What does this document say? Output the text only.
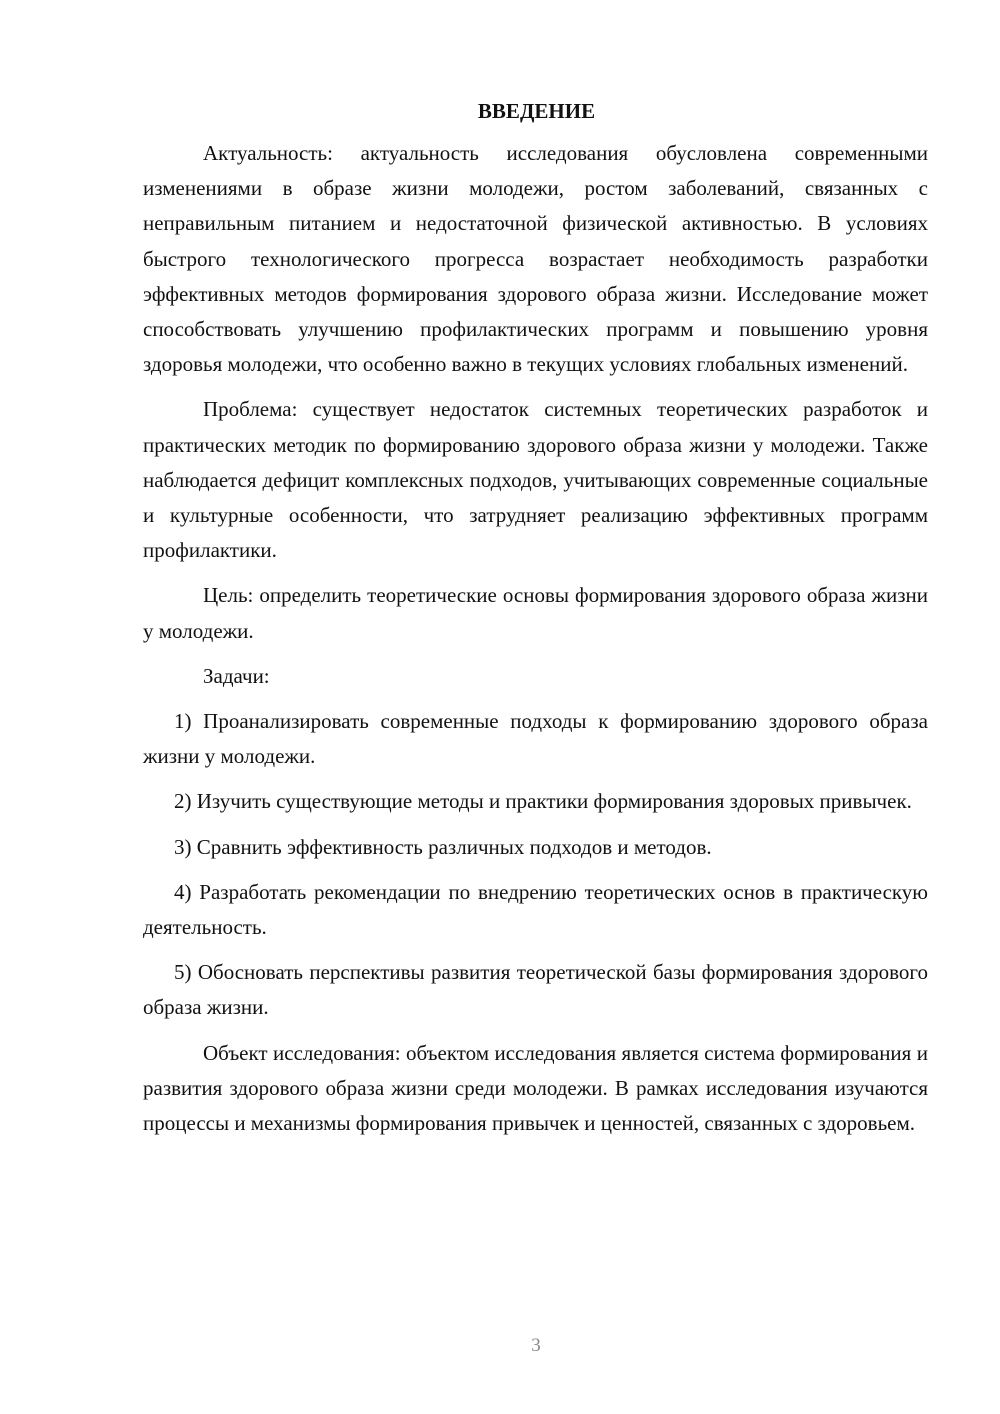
ВВЕДЕНИЕ

Актуальность: актуальность исследования обусловлена современными изменениями в образе жизни молодежи, ростом заболеваний, связанных с неправильным питанием и недостаточной физической активностью. В условиях быстрого технологического прогресса возрастает необходимость разработки эффективных методов формирования здорового образа жизни. Исследование может способствовать улучшению профилактических программ и повышению уровня здоровья молодежи, что особенно важно в текущих условиях глобальных изменений.

Проблема: существует недостаток системных теоретических разработок и практических методик по формированию здорового образа жизни у молодежи. Также наблюдается дефицит комплексных подходов, учитывающих современные социальные и культурные особенности, что затрудняет реализацию эффективных программ профилактики.

Цель: определить теоретические основы формирования здорового образа жизни у молодежи.

Задачи:

1) Проанализировать современные подходы к формированию здорового образа жизни у молодежи.

2) Изучить существующие методы и практики формирования здоровых привычек.

3) Сравнить эффективность различных подходов и методов.

4) Разработать рекомендации по внедрению теоретических основ в практическую деятельность.

5) Обосновать перспективы развития теоретической базы формирования здорового образа жизни.

Объект исследования: объектом исследования является система формирования и развития здорового образа жизни среди молодежи. В рамках исследования изучаются процессы и механизмы формирования привычек и ценностей, связанных с здоровьем.

3
